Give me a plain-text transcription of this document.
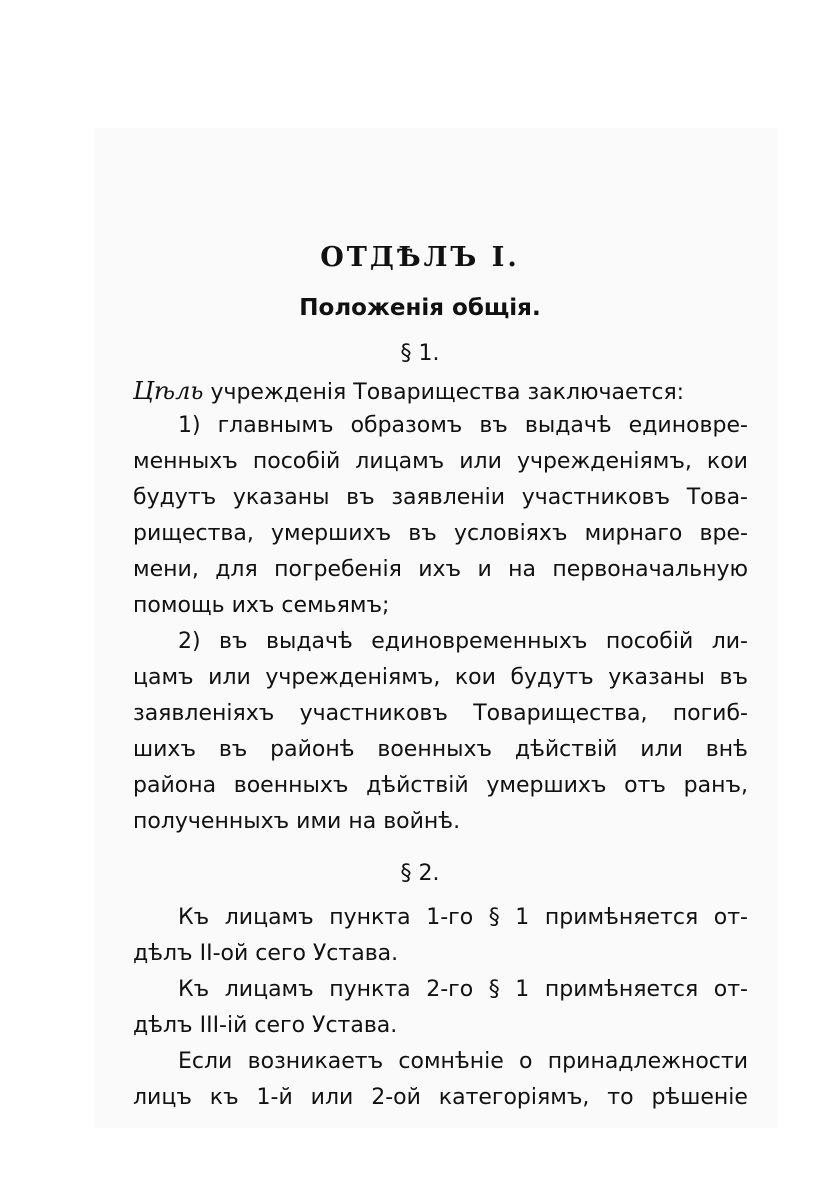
ОТДѢЛЪ I.
Положенія общія.
§ 1.
Цѣль учрежденія Товарищества заключается:
1) главнымъ образомъ въ выдачѣ единовре-
менныхъ пособій лицамъ или учрежденіямъ, кои
будутъ указаны въ заявленіи участниковъ Това-
рищества, умершихъ въ условіяхъ мирнаго вре-
мени, для погребенія ихъ и на первоначальную
помощь ихъ семьямъ;
2) въ выдачѣ единовременныхъ пособій ли-
цамъ или учрежденіямъ, кои будутъ указаны въ
заявленіяхъ участниковъ Товарищества, погиб-
шихъ въ районѣ военныхъ дѣйствій или внѣ
района военныхъ дѣйствій умершихъ отъ ранъ,
полученныхъ ими на войнѣ.
§ 2.
Къ лицамъ пункта 1-го § 1 примѣняется от-
дѣлъ II-ой сего Устава.
Къ лицамъ пункта 2-го § 1 примѣняется от-
дѣлъ III-ій сего Устава.
Если возникаетъ сомнѣніе о принадлежности
лицъ къ 1-й или 2-ой категоріямъ, то рѣшеніе
